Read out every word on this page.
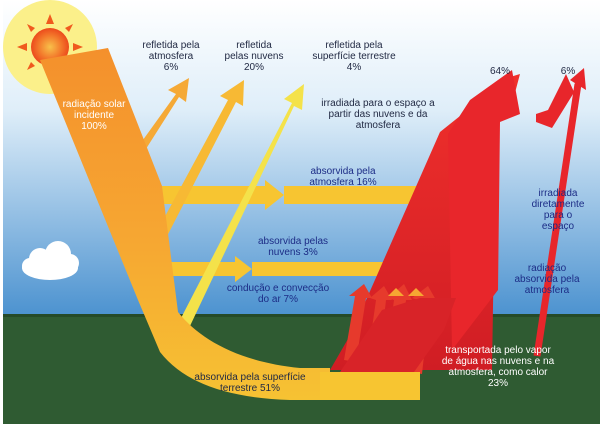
radiação solar
incidente
100%
refletida pela
atmosfera
6%
refletida
pelas nuvens
20%
refletida pela
superfície terrestre
4%	64%	6%
irradiada para o espaço a
partir das nuvens e da
atmosfera
absorvida pela
atmosfera 16%
absorvida pelas
nuvens 3%
condução e convecção
do ar 7%
irradiada
diretamente
para o
espaço
radiação
absorvida pela
atmosfera
transportada pelo vapor
de água nas nuvens e na
atmosfera, como calor
23%
absorvida pela superfície
terrestre 51%
